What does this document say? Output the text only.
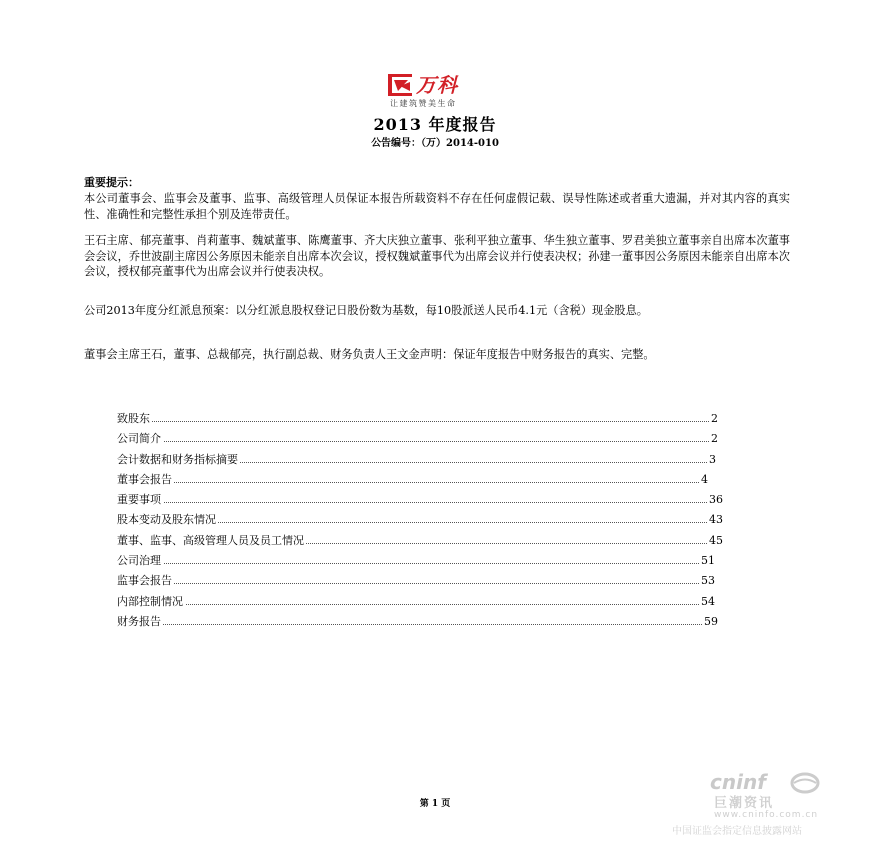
万科
让建筑赞美生命
2013 年度报告
公告编号：（万）2014-010
重要提示：

本公司董事会、监事会及董事、监事、高级管理人员保证本报告所载资料不存在任何虚假记载、误导性陈述或者重大遗漏，并对其内容的真实性、准确性和完整性承担个别及连带责任。

王石主席、郁亮董事、肖莉董事、魏斌董事、陈鹰董事、齐大庆独立董事、张利平独立董事、华生独立董事、罗君美独立董事亲自出席本次董事会会议，乔世波副主席因公务原因未能亲自出席本次会议，授权魏斌董事代为出席会议并行使表决权；孙建一董事因公务原因未能亲自出席本次会议，授权郁亮董事代为出席会议并行使表决权。

公司2013年度分红派息预案：以分红派息股权登记日股份数为基数，每10股派送人民币4.1元（含税）现金股息。

董事会主席王石，董事、总裁郁亮，执行副总裁、财务负责人王文金声明：保证年度报告中财务报告的真实、完整。

致股东	2
公司简介	2
会计数据和财务指标摘要	3
董事会报告	4
重要事项	36
股本变动及股东情况	43
董事、监事、高级管理人员及员工情况	45
公司治理	51
监事会报告	53
内部控制情况	54
财务报告	59
第 1 页
cninf
巨潮资讯
www.cninfo.com.cn
中国证监会指定信息披露网站
